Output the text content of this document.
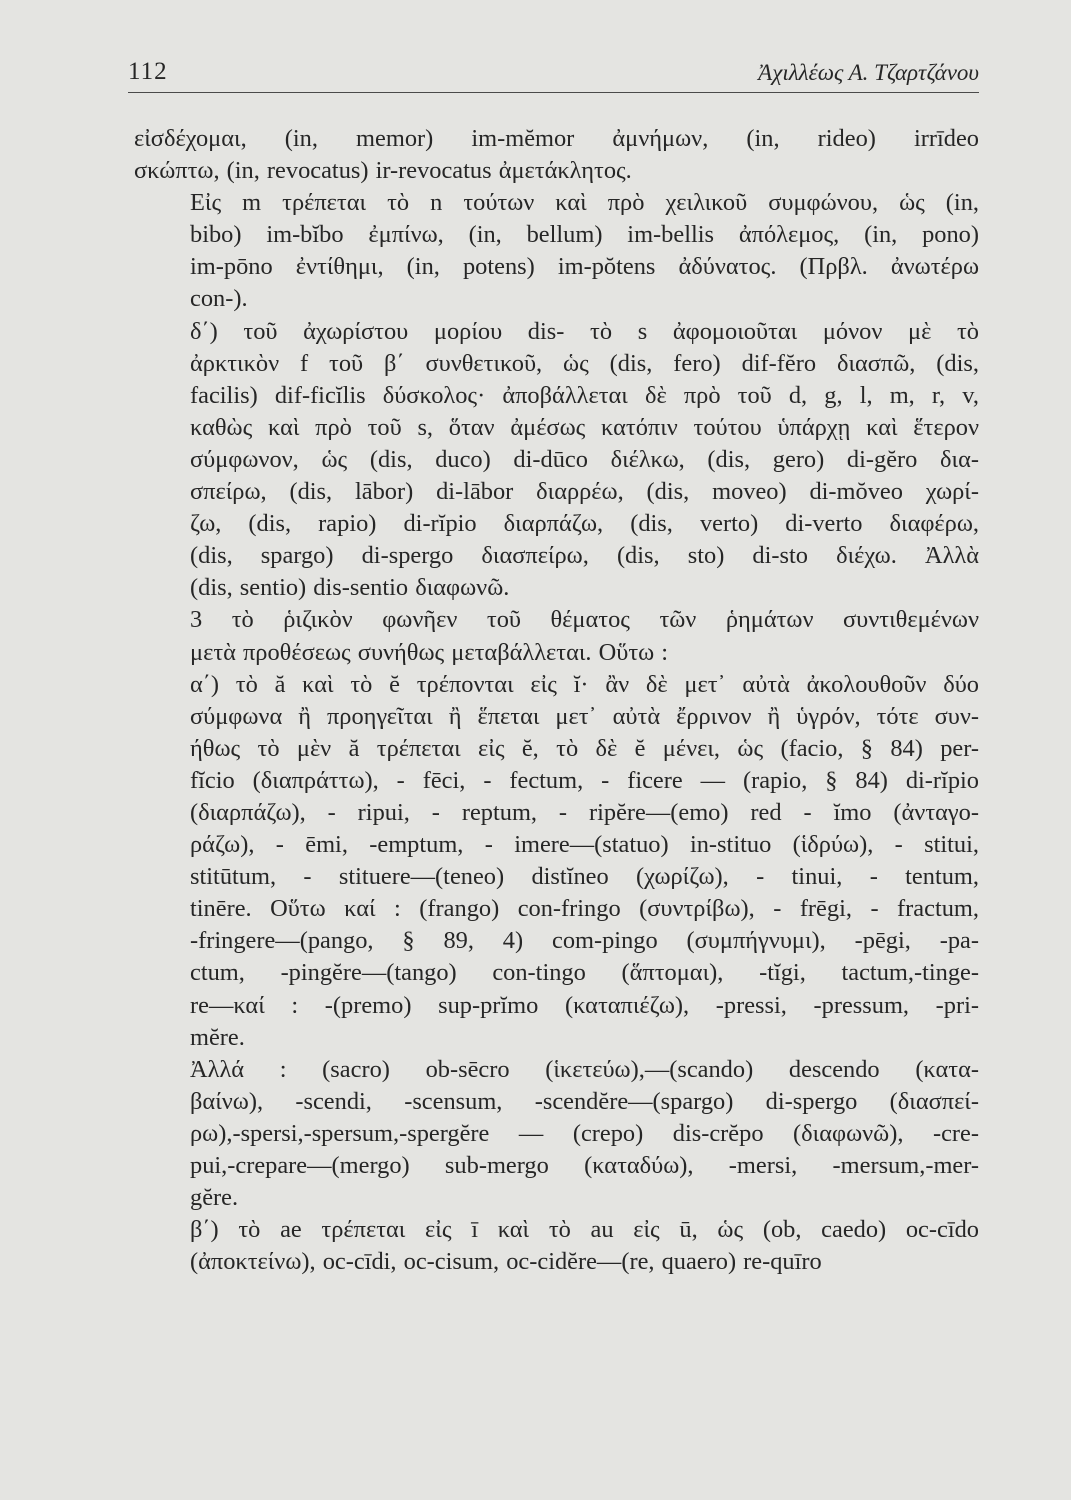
112	Ἀχιλλέως Α. Τζαρτζάνου

εἰσδέχομαι, (in, memor) im-mĕmor ἀμνήμων, (in, rideo) irrīdeo
σκώπτω, (in, revocatus) ir-revocatus ἀμετάκλητος.

Εἰς m τρέπεται τὸ n τούτων καὶ πρὸ χειλικοῦ συμφώνου, ὡς (in,
bibo) im-bĭbo ἐμπίνω, (in, bellum) im-bellis ἀπόλεμος, (in, pono)
im-pōno ἐντίθημι, (in, potens) im-pŏtens ἀδύνατος. (Πρβλ. ἀνωτέρω
con-).

δ΄) τοῦ ἀχωρίστου μορίου dis- τὸ s ἀφομοιοῦται μόνον μὲ τὸ
ἀρκτικὸν f τοῦ β΄ συνθετικοῦ, ὡς (dis, fero) dif-fĕro διασπῶ, (dis,
facilis) dif-ficĭlis δύσκολος· ἀποβάλλεται δὲ πρὸ τοῦ d, g, l, m, r, v,
καθὼς καὶ πρὸ τοῦ s, ὅταν ἀμέσως κατόπιν τούτου ὑπάρχῃ καὶ ἕτερον
σύμφωνον, ὡς (dis, duco) di-dūco διέλκω, (dis, gero) di-gĕro δια-
σπείρω, (dis, lābor) di-lābor διαρρέω, (dis, moveo) di-mŏveo χωρί-
ζω, (dis, rapio) di-rĭpio διαρπάζω, (dis, verto) di-verto διαφέρω,
(dis, spargo) di-spergo διασπείρω, (dis, sto) di-sto διέχω. Ἀλλὰ
(dis, sentio) dis-sentio διαφωνῶ.

3 τὸ ῥιζικὸν φωνῆεν τοῦ θέματος τῶν ῥημάτων συντιθεμένων
μετὰ προθέσεως συνήθως μεταβάλλεται. Οὕτω :

α΄) τὸ ă καὶ τὸ ĕ τρέπονται εἰς ĭ· ἂν δὲ μετ᾽ αὐτὰ ἀκολουθοῦν δύο
σύμφωνα ἢ προηγεῖται ἢ ἕπεται μετ᾽ αὐτὰ ἔρρινον ἢ ὑγρόν, τότε συν-
ήθως τὸ μὲν ă τρέπεται εἰς ĕ, τὸ δὲ ĕ μένει, ὡς (facio, § 84) per-
fĭcio (διαπράττω), - fēci, - fectum, - ficere — (rapio, § 84) di-rĭpio
(διαρπάζω), - ripui, - reptum, - ripĕre—(emo) red - ĭmo (ἀνταγο-
ράζω), - ēmi, -emptum, - imere—(statuo) in-stituo (ἱδρύω), - stitui,
stitūtum, - stituere—(teneo) distĭneo (χωρίζω), - tinui, - tentum,
tinēre. Οὕτω καί : (frango) con-fringo (συντρίβω), - frēgi, - fractum,
-fringere—(pango, § 89, 4) com-pingo (συμπήγνυμι), -pēgi, -pa-
ctum, -pingĕre—(tango) con-tingo (ἅπτομαι), -tĭgi, tactum,-tinge-
re—καί : -(premo) sup-prĭmo (καταπιέζω), -pressi, -pressum, -pri-
mĕre.

Ἀλλά : (sacro) ob-sēcro (ἱκετεύω),—(scando) descendo (κατα-
βαίνω), -scendi, -scensum, -scendĕre—(spargo) di-spergo (διασπεί-
ρω),-spersi,-spersum,-spergĕre — (crepo) dis-crĕpo (διαφωνῶ), -cre-
pui,-crepare—(mergo) sub-mergo (καταδύω), -mersi, -mersum,-mer-
gĕre.

β΄) τὸ ae τρέπεται εἰς ī καὶ τὸ au εἰς ū, ὡς (ob, caedo) oc-cīdo
(ἀποκτείνω), oc-cīdi, oc-cisum, oc-cidĕre—(re, quaero) re-quīro
